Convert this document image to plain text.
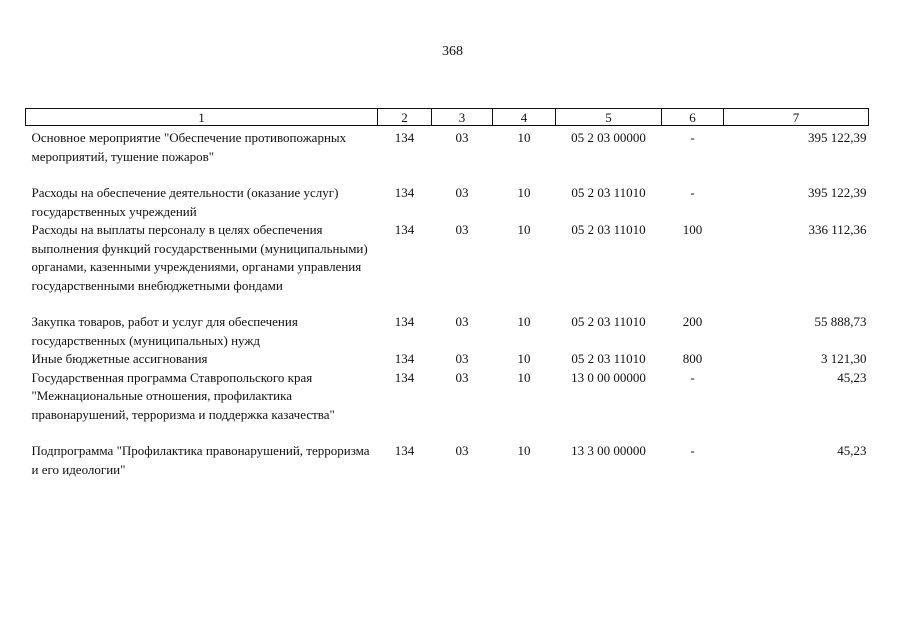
368
1	2	3	4	5	6	7
Основное мероприятие "Обеспечение противопожарных мероприятий, тушение пожаров"	134	03	10	05 2 03 00000	-	395 122,39
Расходы на обеспечение деятельности (оказание услуг) государственных учреждений	134	03	10	05 2 03 11010	-	395 122,39
Расходы на выплаты персоналу в целях обеспечения выполнения функций государственными (муниципальными) органами, казенными учреждениями, органами управления государственными внебюджетными фондами	134	03	10	05 2 03 11010	100	336 112,36
Закупка товаров, работ и услуг для обеспечения государственных (муниципальных) нужд	134	03	10	05 2 03 11010	200	55 888,73
Иные бюджетные ассигнования	134	03	10	05 2 03 11010	800	3 121,30
Государственная программа Ставропольского края "Межнациональные отношения, профилактика правонарушений, терроризма и поддержка казачества"	134	03	10	13 0 00 00000	-	45,23
Подпрограмма "Профилактика правонарушений, терроризма и его идеологии"	134	03	10	13 3 00 00000	-	45,23
